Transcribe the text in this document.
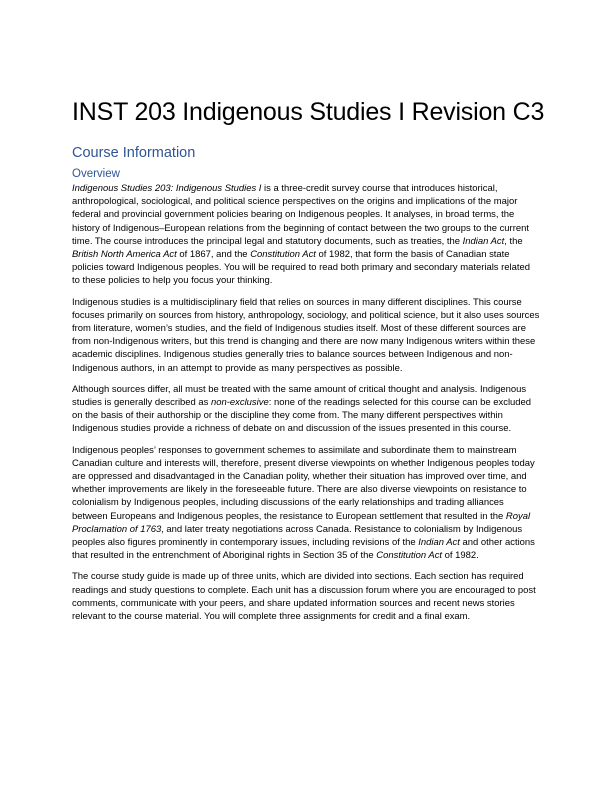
INST 203 Indigenous Studies I Revision C3
Course Information
Overview

Indigenous Studies 203: Indigenous Studies I is a three-credit survey course that introduces historical, anthropological, sociological, and political science perspectives on the origins and implications of the major federal and provincial government policies bearing on Indigenous peoples. It analyses, in broad terms, the history of Indigenous–European relations from the beginning of contact between the two groups to the current time. The course introduces the principal legal and statutory documents, such as treaties, the Indian Act, the British North America Act of 1867, and the Constitution Act of 1982, that form the basis of Canadian state policies toward Indigenous peoples. You will be required to read both primary and secondary materials related to these policies to help you focus your thinking.

Indigenous studies is a multidisciplinary field that relies on sources in many different disciplines. This course focuses primarily on sources from history, anthropology, sociology, and political science, but it also uses sources from literature, women’s studies, and the field of Indigenous studies itself. Most of these different sources are from non-Indigenous writers, but this trend is changing and there are now many Indigenous writers within these academic disciplines. Indigenous studies generally tries to balance sources between Indigenous and non-Indigenous authors, in an attempt to provide as many perspectives as possible.

Although sources differ, all must be treated with the same amount of critical thought and analysis. Indigenous studies is generally described as non-exclusive: none of the readings selected for this course can be excluded on the basis of their authorship or the discipline they come from. The many different perspectives within Indigenous studies provide a richness of debate on and discussion of the issues presented in this course.

Indigenous peoples’ responses to government schemes to assimilate and subordinate them to mainstream Canadian culture and interests will, therefore, present diverse viewpoints on whether Indigenous peoples today are oppressed and disadvantaged in the Canadian polity, whether their situation has improved over time, and whether improvements are likely in the foreseeable future. There are also diverse viewpoints on resistance to colonialism by Indigenous peoples, including discussions of the early relationships and trading alliances between Europeans and Indigenous peoples, the resistance to European settlement that resulted in the Royal Proclamation of 1763, and later treaty negotiations across Canada. Resistance to colonialism by Indigenous peoples also figures prominently in contemporary issues, including revisions of the Indian Act and other actions that resulted in the entrenchment of Aboriginal rights in Section 35 of the Constitution Act of 1982.

The course study guide is made up of three units, which are divided into sections. Each section has required readings and study questions to complete. Each unit has a discussion forum where you are encouraged to post comments, communicate with your peers, and share updated information sources and recent news stories relevant to the course material. You will complete three assignments for credit and a final exam.
